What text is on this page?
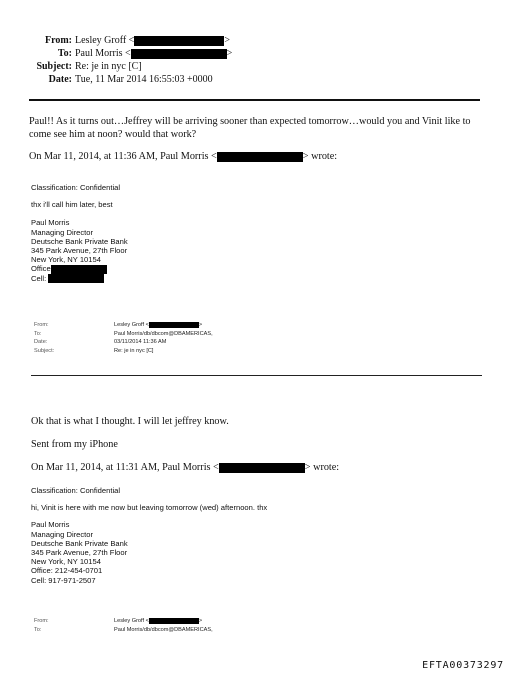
From: Lesley Groff <	>
To: Paul Morris <	>
Subject: Re: je in nyc [C]
Date: Tue, 11 Mar 2014 16:55:03 +0000
Paul!! As it turns out…Jeffrey will be arriving sooner than expected tomorrow…would you and Vinit like to
come see him at noon? would that work?
On Mar 11, 2014, at 11:36 AM, Paul Morris <	> wrote:
Classification: Confidential
thx i'll call him later, best
Paul Morris
Managing Director
Deutsche Bank Private Bank
345 Park Avenue, 27th Floor
New York, NY 10154
Office
Cell:
From:	Lesley Groff <	>
To:	Paul Morris/db/dbcom@DBAMERICAS,
Date:	03/11/2014 11:36 AM
Subject:	Re: je in nyc [C]
Ok that is what I thought. I will let jeffrey know.
Sent from my iPhone
On Mar 11, 2014, at 11:31 AM, Paul Morris <	> wrote:
Classification: Confidential
hi, Vinit is here with me now but leaving tomorrow (wed) afternoon. thx
Paul Morris
Managing Director
Deutsche Bank Private Bank
345 Park Avenue, 27th Floor
New York, NY 10154
Office: 212-454-0701
Cell: 917-971-2507
From:	Lesley Groff <	>
To:	Paul Morris/db/dbcom@DBAMERICAS,
EFTA00373297
